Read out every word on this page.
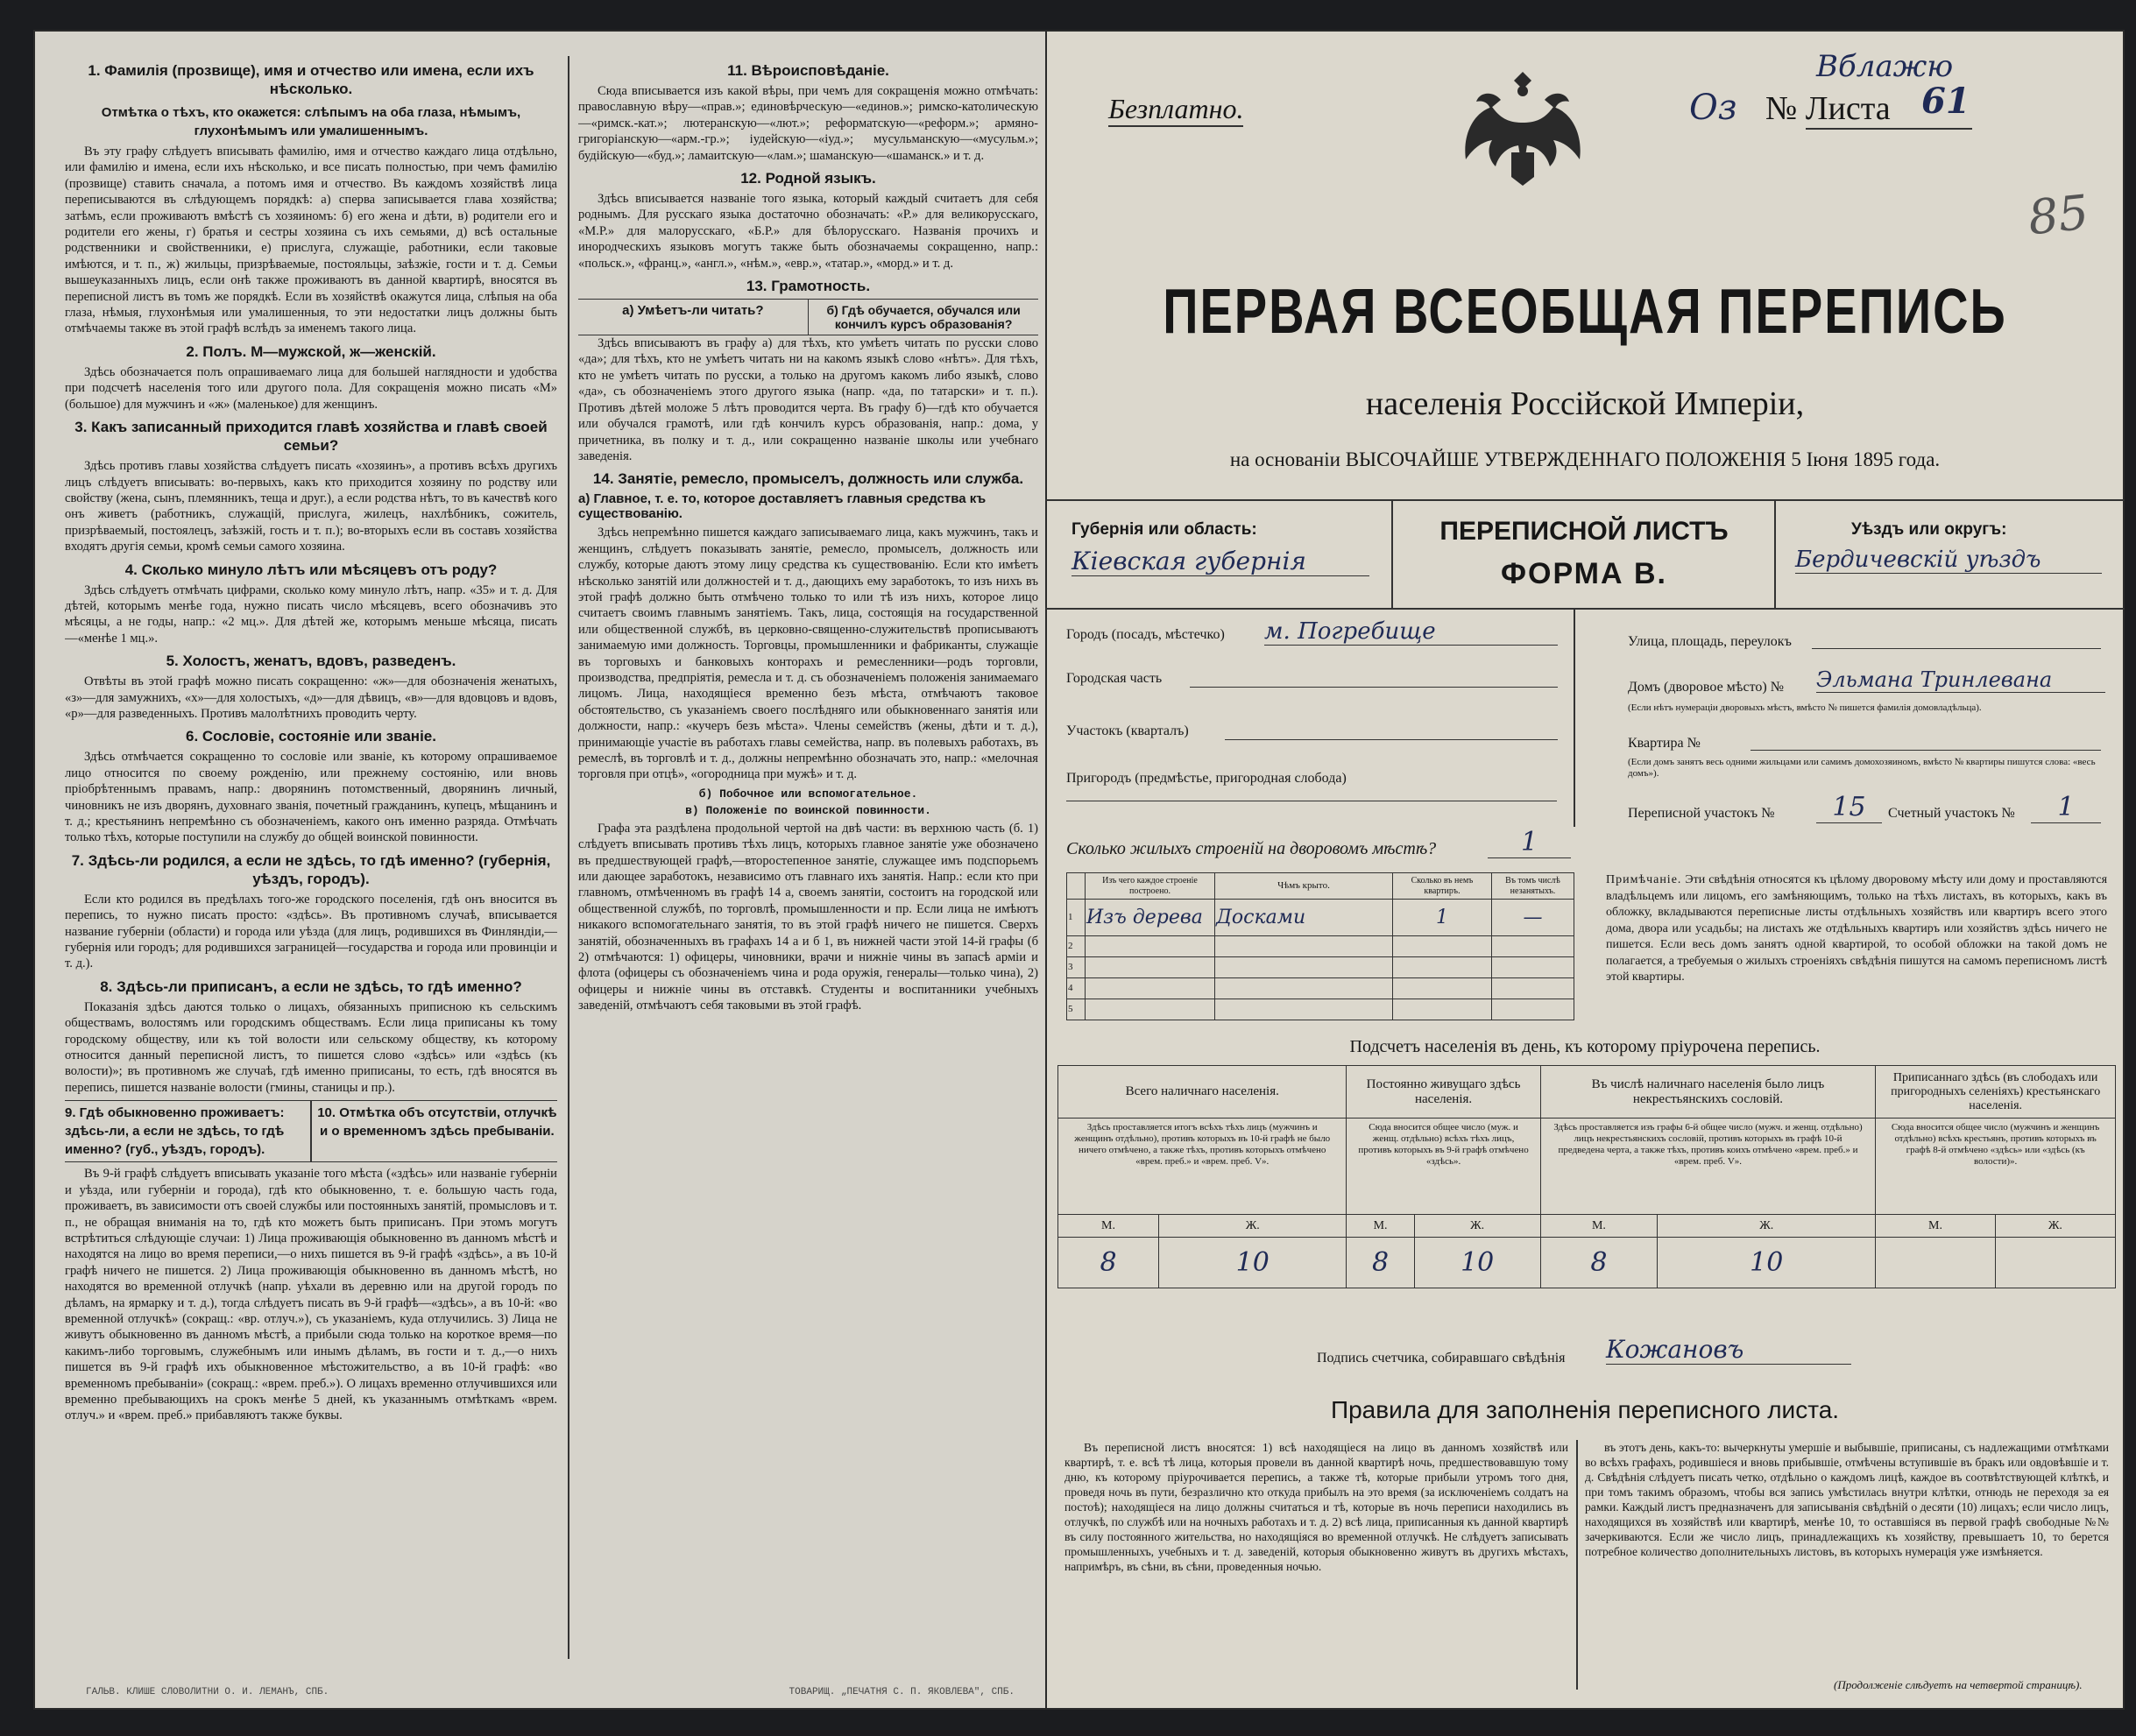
1. Фамилія (прозвище), имя и отчество или имена, если ихъ нѣсколько.
Отмѣтка о тѣхъ, кто окажется: слѣпымъ на оба глаза, нѣмымъ, глухонѣмымъ или умалишеннымъ.
Въ эту графу слѣдуетъ вписывать фамилію, имя и отчество каждаго лица отдѣльно, или фамилію и имена, если ихъ нѣсколько, и все писать полностью, при чемъ фамилію (прозвище) ставить сначала, а потомъ имя и отчество. Въ каждомъ хозяйствѣ лица переписываются въ слѣдующемъ порядкѣ: а) сперва записывается глава хозяйства; затѣмъ, если проживаютъ вмѣстѣ съ хозяиномъ: б) его жена и дѣти, в) родители его и родители его жены, г) братья и сестры хозяина съ ихъ семьями, д) всѣ остальные родственники и свойственники, е) прислуга, служащіе, работники, если таковые имѣются, и т. п., ж) жильцы, призрѣваемые, постояльцы, заѣзжіе, гости и т. д. Семьи вышеуказанныхъ лицъ, если онѣ также проживаютъ въ данной квартирѣ, вносятся въ переписной листъ въ томъ же порядкѣ. Если въ хозяйствѣ окажутся лица, слѣпыя на оба глаза, нѣмыя, глухонѣмыя или умалишенныя, то эти недостатки лицъ должны быть отмѣчаемы также въ этой графѣ вслѣдъ за именемъ такого лица.
2. Полъ. М—мужской, ж—женскій.
Здѣсь обозначается полъ опрашиваемаго лица для большей наглядности и удобства при подсчетѣ населенія того или другого пола. Для сокращенія можно писать «М» (большое) для мужчинъ и «ж» (маленькое) для женщинъ.
3. Какъ записанный приходится главѣ хозяйства и главѣ своей семьи?
Здѣсь противъ главы хозяйства слѣдуетъ писать «хозяинъ», а противъ всѣхъ другихъ лицъ слѣдуетъ вписывать: во-первыхъ, какъ кто приходится хозяину по родству или свойству (жена, сынъ, племянникъ, теща и друг.), а если родства нѣтъ, то въ качествѣ кого онъ живетъ (работникъ, служащій, прислуга, жилецъ, нахлѣбникъ, сожитель, призрѣваемый, постоялецъ, заѣзжій, гость и т. п.); во-вторыхъ если въ составъ хозяйства входятъ другія семьи, кромѣ семьи самого хозяина.
4. Сколько минуло лѣтъ или мѣсяцевъ отъ роду?
Здѣсь слѣдуетъ отмѣчать цифрами, сколько кому минуло лѣтъ, напр. «35» и т. д. Для дѣтей, которымъ менѣе года, нужно писать число мѣсяцевъ, всего обозначивъ это мѣсяцы, а не годы, напр.: «2 мц.». Для дѣтей же, которымъ меньше мѣсяца, писать—«менѣе 1 мц.».
5. Холостъ, женатъ, вдовъ, разведенъ.
Отвѣты въ этой графѣ можно писать сокращенно: «ж»—для обозначенія женатыхъ, «з»—для замужнихъ, «х»—для холостыхъ, «д»—для дѣвицъ, «в»—для вдовцовъ и вдовъ, «р»—для разведенныхъ. Противъ малолѣтнихъ проводить черту.
6. Сословіе, состояніе или званіе.
Здѣсь отмѣчается сокращенно то сословіе или званіе, къ которому опрашиваемое лицо относится по своему рожденію, или прежнему состоянію, или вновь пріобрѣтеннымъ правамъ, напр.: дворянинъ потомственный, дворянинъ личный, чиновникъ не изъ дворянъ, духовнаго званія, почетный гражданинъ, купецъ, мѣщанинъ и т. д.; крестьянинъ непремѣнно съ обозначеніемъ, какого онъ именно разряда. Отмѣчать только тѣхъ, которые поступили на службу до общей воинской повинности.
7. Здѣсь-ли родился, а если не здѣсь, то гдѣ именно? (губернія, уѣздъ, городъ).
Если кто родился въ предѣлахъ того-же городского поселенія, гдѣ онъ вносится въ перепись, то нужно писать просто: «здѣсь». Въ противномъ случаѣ, вписывается название губерніи (области) и города или уѣзда (для лицъ, родившихся въ Финляндіи,—губернія или городъ; для родившихся заграницей—государства и города или провинціи и т. д.).
8. Здѣсь-ли приписанъ, а если не здѣсь, то гдѣ именно?
Показанія здѣсь даются только о лицахъ, обязанныхъ приписною къ сельскимъ обществамъ, волостямъ или городскимъ обществамъ. Если лица приписаны къ тому городскому обществу, или къ той волости или сельскому обществу, къ которому относится данный переписной листъ, то пишется слово «здѣсь» или «здѣсь (къ волости)»; въ противномъ же случаѣ, гдѣ именно приписаны, то есть, гдѣ вносятся въ перепись, пишется названіе волости (гмины, станицы и пр.).
9. Гдѣ обыкновенно проживаетъ: здѣсь-ли, а если не здѣсь, то гдѣ именно? (губ., уѣздъ, городъ).
10. Отмѣтка объ отсутствіи, отлучкѣ и о временномъ здѣсь пребываніи.
Въ 9-й графѣ слѣдуетъ вписывать указаніе того мѣста («здѣсь» или названіе губерніи и уѣзда, или губерніи и города), гдѣ кто обыкновенно, т. е. большую часть года, проживаетъ, въ зависимости отъ своей службы или постоянныхъ занятій, промысловъ и т. п., не обращая вниманія на то, гдѣ кто можетъ быть приписанъ. При этомъ могутъ встрѣтиться слѣдующіе случаи: 1) Лица проживающія обыкновенно въ данномъ мѣстѣ и находятся на лицо во время переписи,—о нихъ пишется въ 9-й графѣ «здѣсь», а въ 10-й графѣ ничего не пишется. 2) Лица проживающія обыкновенно въ данномъ мѣстѣ, но находятся во временной отлучкѣ (напр. уѣхали въ деревню или на другой городъ по дѣламъ, на ярмарку и т. д.), тогда слѣдуетъ писать въ 9-й графѣ—«здѣсь», а въ 10-й: «во временной отлучкѣ» (сокращ.: «вр. отлуч.»), съ указаніемъ, куда отлучились. 3) Лица не живутъ обыкновенно въ данномъ мѣстѣ, а прибыли сюда только на короткое время—по какимъ-либо торговымъ, служебнымъ или инымъ дѣламъ, въ гости и т. д.,—о нихъ пишется въ 9-й графѣ ихъ обыкновенное мѣстожительство, а въ 10-й графѣ: «во временномъ пребываніи» (сокращ.: «врем. преб.»). О лицахъ временно отлучившихся или временно пребывающихъ на срокъ менѣе 5 дней, къ указаннымъ отмѣткамъ «врем. отлуч.» и «врем. преб.» прибавляютъ также буквы.
11. Вѣроисповѣданіе.
Сюда вписывается изъ какой вѣры, при чемъ для сокращенія можно отмѣчать: православную вѣру—«прав.»; единовѣрческую—«единов.»; римско-католическую—«римск.-кат.»; лютеранскую—«лют.»; реформатскую—«реформ.»; армяно-григоріанскую—«арм.-гр.»; іудейскую—«іуд.»; мусульманскую—«мусульм.»; будійскую—«буд.»; ламаитскую—«лам.»; шаманскую—«шаманск.» и т. д.
12. Родной языкъ.
Здѣсь вписывается названіе того языка, который каждый считаетъ для себя роднымъ. Для русскаго языка достаточно обозначать: «Р.» для великорусскаго, «М.Р.» для малорусскаго, «Б.Р.» для бѣлорусскаго. Названія прочихъ и инородческихъ языковъ могутъ также быть обозначаемы сокращенно, напр.: «польск.», «франц.», «англ.», «нѣм.», «евр.», «татар.», «морд.» и т. д.
13. Грамотность.
а) Умѣетъ-ли читать?	б) Гдѣ обучается, обучался или кончилъ курсъ образованія?
Здѣсь вписываютъ въ графу а) для тѣхъ, кто умѣетъ читать по русски слово «да»; для тѣхъ, кто не умѣетъ читать ни на какомъ языкѣ слово «нѣтъ». Для тѣхъ, кто не умѣетъ читать по русски, а только на другомъ какомъ либо языкѣ, слово «да», съ обозначеніемъ этого другого языка (напр. «да, по татарски» и т. п.). Противъ дѣтей моложе 5 лѣтъ проводится черта. Въ графу б)—гдѣ кто обучается или обучался грамотѣ, или гдѣ кончилъ курсъ образованія, напр.: дома, у причетника, въ полку и т. д., или сокращенно названіе школы или учебнаго заведенія.
14. Занятіе, ремесло, промыселъ, должность или служба.
а) Главное, т. е. то, которое доставляетъ главныя средства къ существованію.
Здѣсь непремѣнно пишется каждаго записываемаго лица, какъ мужчинъ, такъ и женщинъ, слѣдуетъ показывать занятіе, ремесло, промыселъ, должность или службу, которые даютъ этому лицу средства къ существованію. Если кто имѣетъ нѣсколько занятій или должностей и т. д., дающихъ ему заработокъ, то изъ нихъ въ этой графѣ должно быть отмѣчено только то или тѣ изъ нихъ, которое лицо считаетъ своимъ главнымъ занятіемъ. Такъ, лица, состоящія на государственной или общественной службѣ, въ церковно-священно-служительствѣ прописываютъ занимаемую ими должность. Торговцы, промышленники и фабриканты, служащіе въ торговыхъ и банковыхъ конторахъ и ремесленники—родъ торговли, производства, предпріятія, ремесла и т. д. съ обозначеніемъ положенія занимаемаго лицомъ. Лица, находящіеся временно безъ мѣста, отмѣчаютъ таковое обстоятельство, съ указаніемъ своего послѣдняго или обыкновеннаго занятія или должности, напр.: «кучеръ безъ мѣста». Члены семействъ (жены, дѣти и т. д.), принимающіе участіе въ работахъ главы семейства, напр. въ полевыхъ работахъ, въ ремеслѣ, въ торговлѣ и т. д., должны непремѣнно обозначать это, напр.: «мелочная торговля при отцѣ», «огородница при мужѣ» и т. д.
б) Побочное или вспомогательное.
в) Положеніе по воинской повинности.
Графа эта раздѣлена продольной чертой на двѣ части: въ верхнюю часть (б. 1) слѣдуетъ вписывать противъ тѣхъ лицъ, которыхъ главное занятіе уже обозначено въ предшествующей графѣ,—второстепенное занятіе, служащее имъ подспорьемъ или дающее заработокъ, независимо отъ главнаго ихъ занятія. Напр.: если кто при главномъ, отмѣченномъ въ графѣ 14 а, своемъ занятіи, состоитъ на городской или общественной службѣ, по торговлѣ, промышленности и пр. Если лица не имѣютъ никакого вспомогательнаго занятія, то въ этой графѣ ничего не пишется. Сверхъ занятій, обозначенныхъ въ графахъ 14 а и б 1, въ нижней части этой 14-й графы (б 2) отмѣчаются: 1) офицеры, чиновники, врачи и нижніе чины въ запасѣ армiи и флота (офицеры съ обозначеніемъ чина и рода оружія, генералы—только чина), 2) офицеры и нижніе чины въ отставкѣ. Студенты и воспитанники учебныхъ заведеній, отмѣчаютъ себя таковыми въ этой графѣ.
ГАЛЬВ. КЛИШЕ СЛОВОЛИТНИ О. И. ЛЕМАНЪ, СПБ.	ТОВАРИЩ. „ПЕЧАТНЯ С. П. ЯКОВЛЕВА", СПБ.
Вблажю
Безплатно.	Оз № Листа 61
85
ПЕРВАЯ ВСЕОБЩАЯ ПЕРЕПИСЬ
населенія Россійской Имперіи,
на основаніи ВЫСОЧАЙШЕ УТВЕРЖДЕННАГО ПОЛОЖЕНІЯ 5 Іюня 1895 года.
Губернія или область:
Кіевская губернія
ПЕРЕПИСНОЙ ЛИСТЪ
ФОРМА В.
Уѣздъ или округъ:
Бердичевскій уѣздъ
Городъ (посадъ, мѣстечко) м. Погребище
Городская часть
Участокъ (кварталъ)
Пригородъ (предмѣстье, пригородная слобода)
Улица, площадь, переулокъ
Домъ (дворовое мѣсто) № Эльмана Тринлевана
(Если нѣтъ нумераціи дворовыхъ мѣстъ, вмѣсто № пишется фамилія домовладѣльца).
Квартира №
(Если домъ занятъ весь одними жильцами или самимъ домохозяиномъ, вмѣсто № квартиры пишутся слова: «весь домъ»).
Переписной участокъ №	15	Счетный участокъ №	1
Сколько жилыхъ строеній на дворовомъ мѣстѣ?	1
	Изъ чего каждое строеніе построено.	Чѣмъ крыто.	Сколько въ немъ квартиръ.	Въ томъ числѣ незанятыхъ.
1	Изъ дерева	Досками	1	—
2				
3				
4				
5				
Примѣчаніе. Эти свѣдѣнія относятся къ цѣлому дворовому мѣсту или дому и проставляются владѣльцемъ или лицомъ, его замѣняющимъ, только на тѣхъ листахъ, въ которыхъ, какъ въ обложку, вкладываются переписные листы отдѣльныхъ хозяйствъ или квартиръ всего этого дома, двора или усадьбы; на листахъ же отдѣльныхъ квартиръ или хозяйствъ здѣсь ничего не пишется. Если весь домъ занятъ одной квартирой, то особой обложки на такой домъ не полагается, а требуемыя о жилыхъ строеніяхъ свѣдѣнія пишутся на самомъ переписномъ листѣ этой квартиры.
Подсчетъ населенія въ день, къ которому пріурочена перепись.
Всего наличнаго населенія.		Постоянно живущаго здѣсь населенія.		Въ числѣ наличнаго населенія было лицъ некрестьянскихъ сословій.		Приписаннаго здѣсь (въ слободахъ или пригородныхъ селеніяхъ) крестьянскаго населенія.	
Здѣсь проставляется итогъ всѣхъ тѣхъ лицъ (мужчинъ и женщинъ отдѣльно), противъ которыхъ въ 10-й графѣ не было ничего отмѣчено, а также тѣхъ, противъ которыхъ отмѣчено «врем. преб.» и «врем. преб. V».		Сюда вносится общее число (муж. и женщ. отдѣльно) всѣхъ тѣхъ лицъ, противъ которыхъ въ 9-й графѣ отмѣчено «здѣсь».		Здѣсь проставляется изъ графы 6-й общее число (мужч. и женщ. отдѣльно) лицъ некрестьянскихъ сословій, противъ которыхъ въ графѣ 10-й предведена черта, а также тѣхъ, противъ коихъ отмѣчено «врем. преб.» и «врем. преб. V».		Сюда вносится общее число (мужчинъ и женщинъ отдѣльно) всѣхъ крестьянъ, противъ которыхъ въ графѣ 8-й отмѣчено «здѣсь» или «здѣсь (къ волости)».	
М.	Ж.	М.	Ж.	М.	Ж.	М.	Ж.
8	10	8	10	8	10		
Подпись счетчика, собиравшаго свѣдѣнія Кожановъ
Правила для заполненія переписного листа.
Въ переписной листъ вносятся: 1) всѣ находящіеся на лицо въ данномъ хозяйствѣ или квартирѣ, т. е. всѣ тѣ лица, которыя провели въ данной квартирѣ ночь, предшествовавшую тому дню, къ которому пріурочивается перепись, а также тѣ, которые прибыли утромъ того дня, проведя ночь въ пути, безразлично кто откуда прибылъ на это время (за исключеніемъ солдатъ на постоѣ); находящіеся на лицо должны считаться и тѣ, которые въ ночь переписи находились въ отлучкѣ, по службѣ или на ночныхъ работахъ и т. д. 2) всѣ лица, приписанныя къ данной квартирѣ въ силу постоянного жительства, но находящіяся во временной отлучкѣ. Не слѣдуетъ записывать промышленныхъ, учебныхъ и т. д. заведеній, которыя обыкновенно живутъ въ другихъ мѣстахъ, напримѣръ, въ сѣни, въ сѣни, проведенныя ночью.
въ этотъ день, какъ-то: вычеркнуты умершіе и выбывшіе, приписаны, съ надлежащими отмѣтками во всѣхъ графахъ, родившіеся и вновь прибывшіе, отмѣчены вступившіе въ бракъ или овдовѣвшіе и т. д. Свѣдѣнія слѣдуетъ писать четко, отдѣльно о каждомъ лицѣ, каждое въ соотвѣтствующей клѣткѣ, и при томъ такимъ образомъ, чтобы вся запись умѣстилась внутри клѣтки, отнюдь не переходя за ея рамки. Каждый листъ предназначенъ для записыванія свѣдѣній о десяти (10) лицахъ; если число лицъ, находящихся въ хозяйствѣ или квартирѣ, менѣе 10, то оставшіяся въ первой графѣ свободные №№ зачеркиваются. Если же число лицъ, принадлежащихъ къ хозяйству, превышаетъ 10, то берется потребное количество дополнительныхъ листовъ, въ которыхъ нумерація уже измѣняется.
(Продолженіе слѣдуетъ на четвертой страницѣ).
